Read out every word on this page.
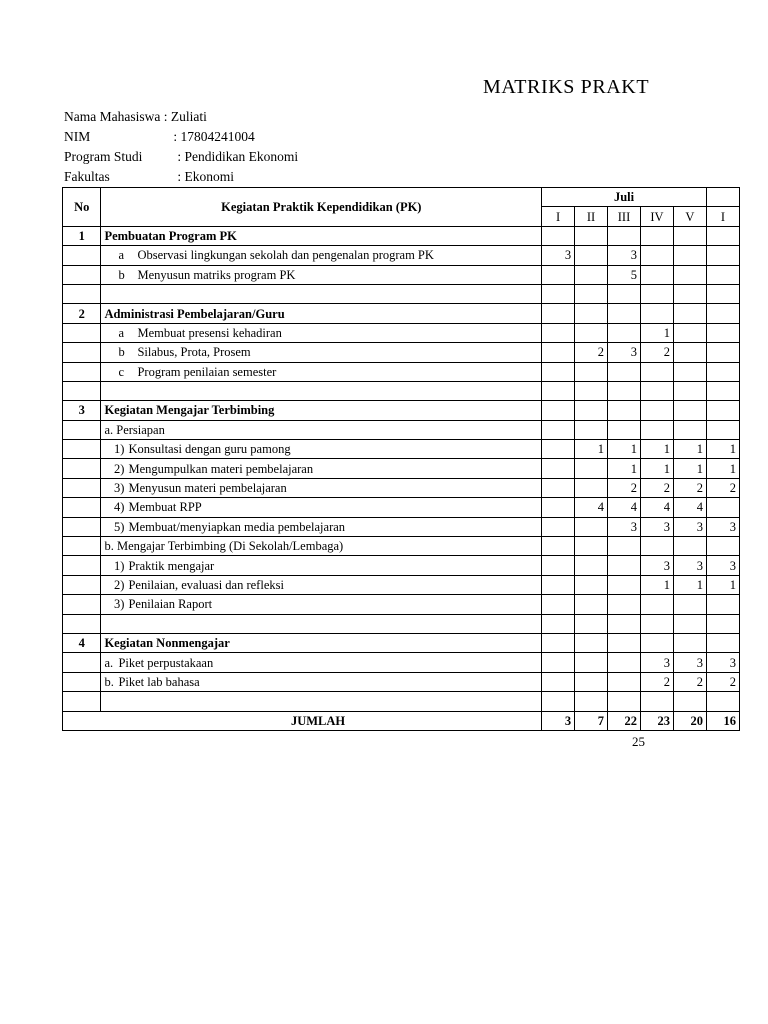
MATRIKS PRAKT
Nama Mahasiswa : Zuliati
NIM	: 17804241004
Program Studi	: Pendidikan Ekonomi
Fakultas	: Ekonomi
No	Kegiatan Praktik Kependidikan (PK)	Juli					
		I	II	III	IV	V	I
1	Pembuatan Program PK						
	a Observasi lingkungan sekolah dan pengenalan program PK	3		3			
	b Menyusun matriks program PK			5			

2	Administrasi Pembelajaran/Guru						
	a Membuat presensi kehadiran				1		
	b Silabus, Prota, Prosem		2	3	2		
	c Program penilaian semester						

3	Kegiatan Mengajar Terbimbing						
	a. Persiapan						
	1) Konsultasi dengan guru pamong		1	1	1	1	1
	2) Mengumpulkan materi pembelajaran			1	1	1	1
	3) Menyusun materi pembelajaran			2	2	2	2
	4) Membuat RPP		4	4	4	4	
	5) Membuat/menyiapkan media pembelajaran			3	3	3	3
	b. Mengajar Terbimbing (Di Sekolah/Lembaga)						
	1) Praktik mengajar				3	3	3
	2) Penilaian, evaluasi dan refleksi				1	1	1
	3) Penilaian Raport						

4	Kegiatan Nonmengajar						
	a. Piket perpustakaan				3	3	3
	b. Piket lab bahasa				2	2	2

JUMLAH		3	7	22	23	20	16
25
